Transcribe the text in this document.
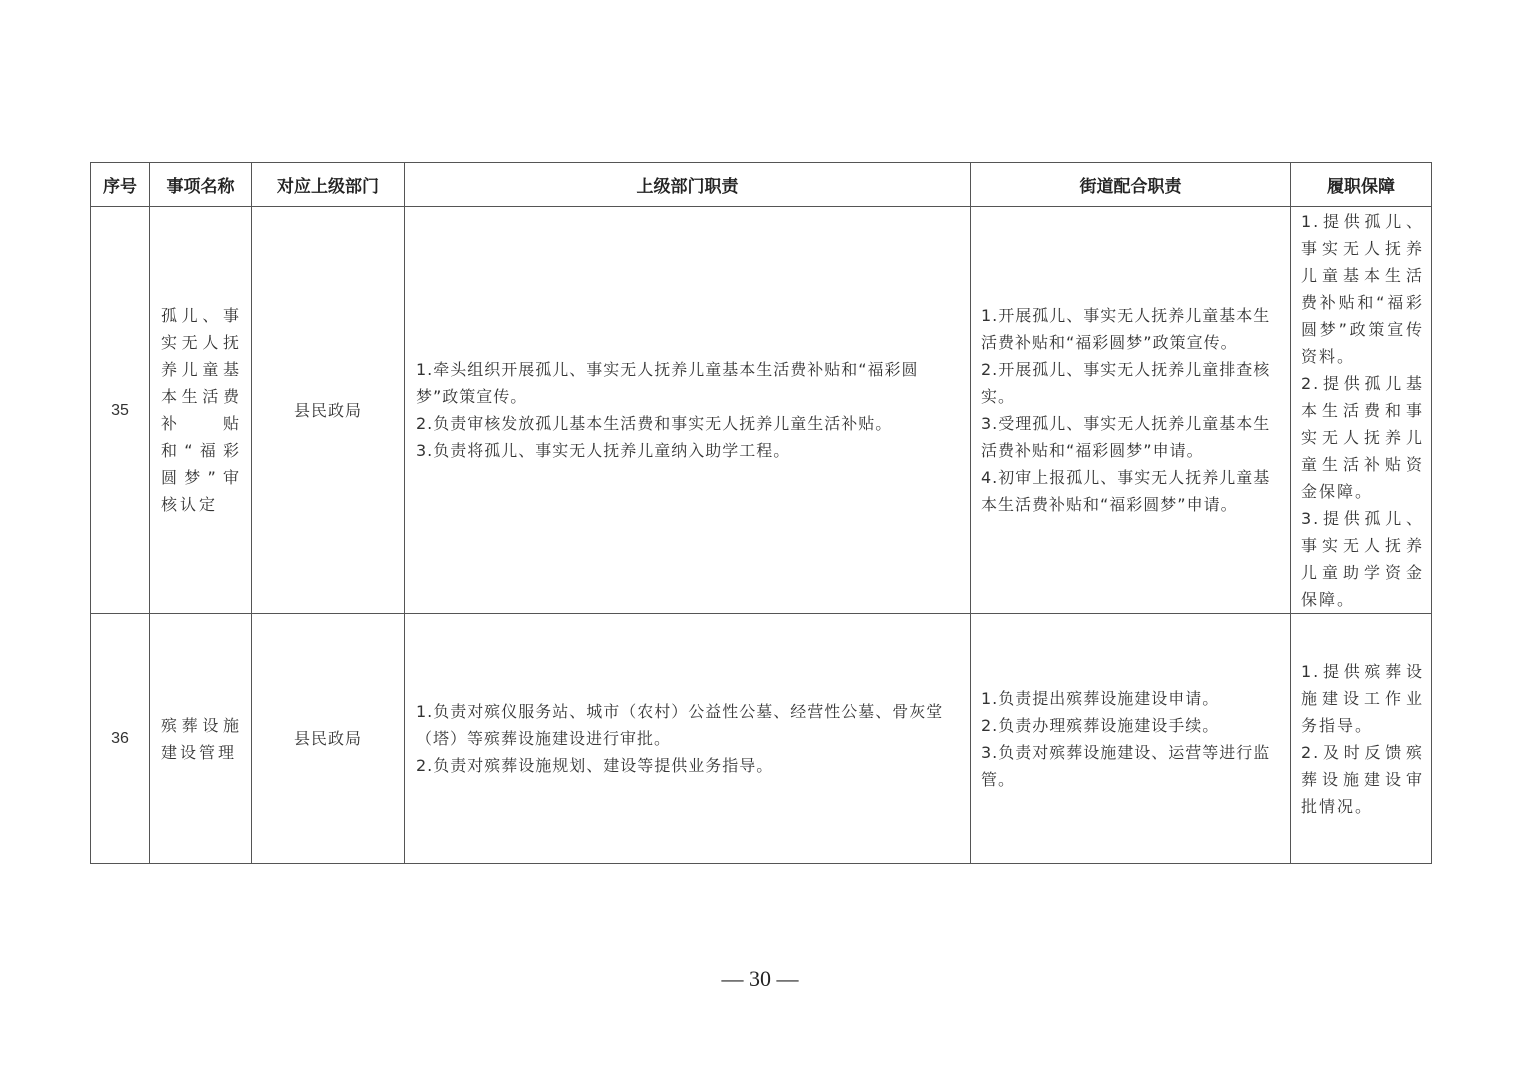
序号	事项名称	对应上级部门	上级部门职责	街道配合职责	履职保障
35	孤儿、事实无人抚养儿童基本生活费补贴和“福彩圆梦”审核认定	县民政局	1.牵头组织开展孤儿、事实无人抚养儿童基本生活费补贴和“福彩圆梦”政策宣传。
2.负责审核发放孤儿基本生活费和事实无人抚养儿童生活补贴。
3.负责将孤儿、事实无人抚养儿童纳入助学工程。	1.开展孤儿、事实无人抚养儿童基本生活费补贴和“福彩圆梦”政策宣传。
2.开展孤儿、事实无人抚养儿童排查核实。
3.受理孤儿、事实无人抚养儿童基本生活费补贴和“福彩圆梦”申请。
4.初审上报孤儿、事实无人抚养儿童基本生活费补贴和“福彩圆梦”申请。	1.提供孤儿、事实无人抚养儿童基本生活费补贴和“福彩圆梦”政策宣传资料。
2.提供孤儿基本生活费和事实无人抚养儿童生活补贴资金保障。
3.提供孤儿、事实无人抚养儿童助学资金保障。

36	殡葬设施建设管理	县民政局	1.负责对殡仪服务站、城市（农村）公益性公墓、经营性公墓、骨灰堂（塔）等殡葬设施建设进行审批。
2.负责对殡葬设施规划、建设等提供业务指导。	1.负责提出殡葬设施建设申请。
2.负责办理殡葬设施建设手续。
3.负责对殡葬设施建设、运营等进行监管。	1.提供殡葬设施建设工作业务指导。
2.及时反馈殡葬设施建设审批情况。
— 30 —
